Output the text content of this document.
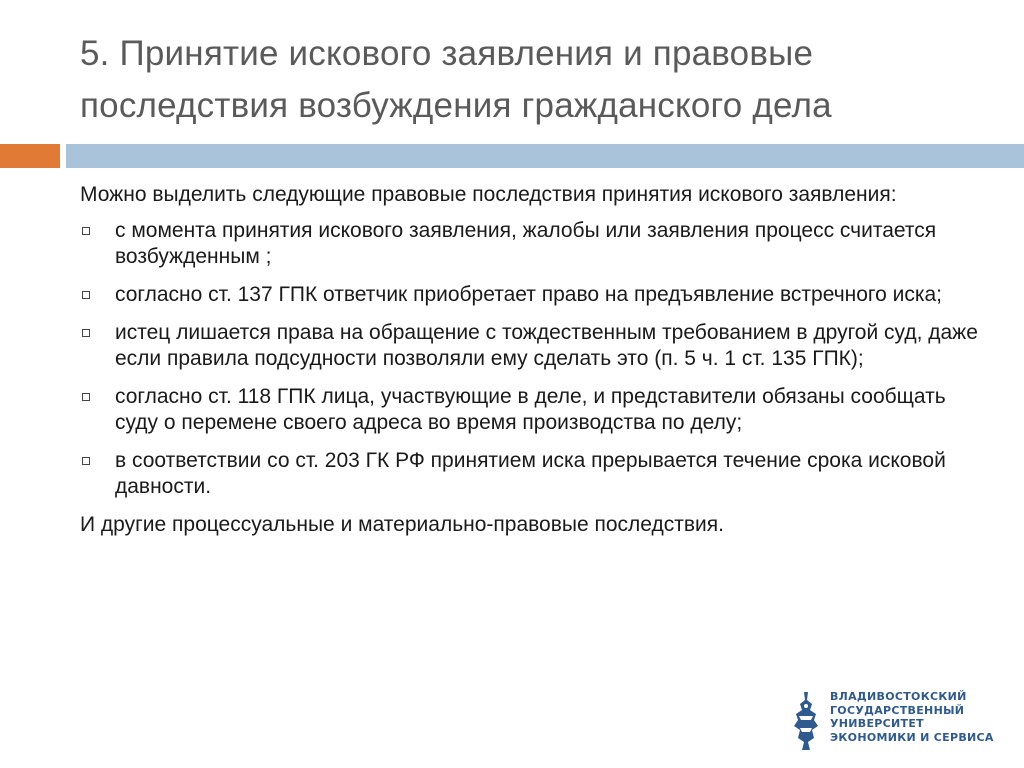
5. Принятие искового заявления и правовые
последствия возбуждения гражданского дела

Можно выделить следующие правовые последствия принятия искового заявления:

с момента принятия искового заявления, жалобы или заявления процесс считается возбужденным ;
согласно ст. 137 ГПК ответчик приобретает право на предъявление встречного иска;
истец лишается права на обращение с тождественным требованием в другой суд, даже если правила подсудности позволяли ему сделать это (п. 5 ч. 1 ст. 135 ГПК);
согласно ст. 118 ГПК лица, участвующие в деле, и представители обязаны сообщать суду о перемене своего адреса во время производства по делу;
в соответствии со ст. 203 ГК РФ принятием иска прерывается течение срока исковой давности.

И другие процессуальные и материально-правовые последствия.

ВЛАДИВОСТОКСКИЙ
ГОСУДАРСТВЕННЫЙ
УНИВЕРСИТЕТ
ЭКОНОМИКИ И СЕРВИСА
